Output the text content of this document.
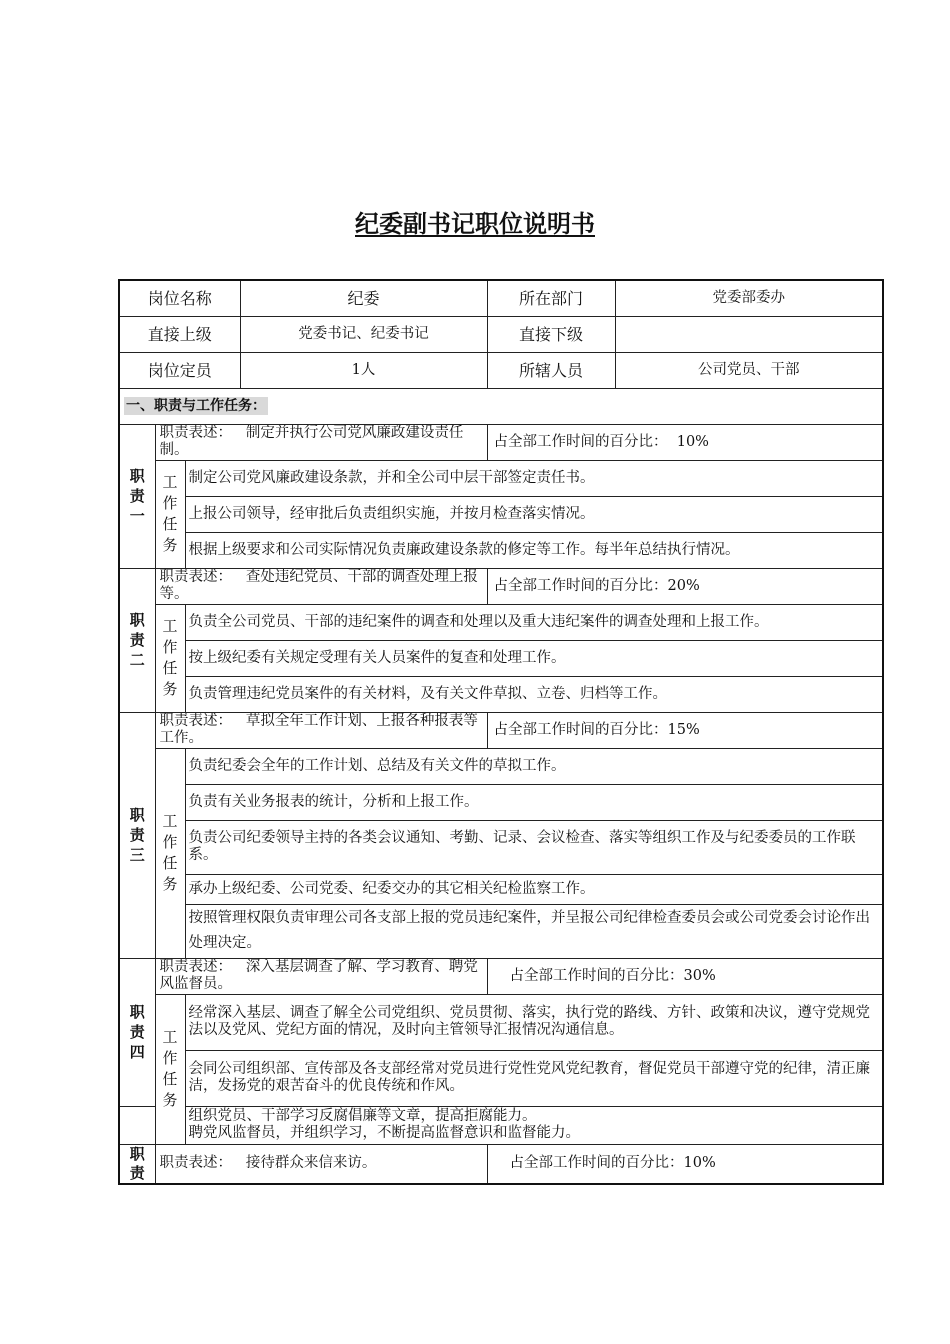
纪委副书记职位说明书
岗位名称			纪委	所在部门	党委部委办
直接上级			党委书记、纪委书记	直接下级	
岗位定员			1人	所辖人员	公司党员、干部
一、职责与工作任务：					
职
责
一	职责表述： 制定并执行公司党风廉政建设责任制。			占全部工作时间的百分比： 10%	
	工
作
任
务	制定公司党风廉政建设条款，并和全公司中层干部签定责任书。			
		上报公司领导，经审批后负责组织实施，并按月检查落实情况。			
		根据上级要求和公司实际情况负责廉政建设条款的修定等工作。每半年总结执行情况。			
职
责
二	职责表述： 查处违纪党员、干部的调查处理上报等。			占全部工作时间的百分比：20%	
	工
作
任
务	负责全公司党员、干部的违纪案件的调查和处理以及重大违纪案件的调查处理和上报工作。			
		按上级纪委有关规定受理有关人员案件的复查和处理工作。			
		负责管理违纪党员案件的有关材料，及有关文件草拟、立卷、归档等工作。			
职
责
三	职责表述： 草拟全年工作计划、上报各种报表等工作。			占全部工作时间的百分比：15%	
	工
作
任
务	负责纪委会全年的工作计划、总结及有关文件的草拟工作。			
		负责有关业务报表的统计，分析和上报工作。			
		负责公司纪委领导主持的各类会议通知、考勤、记录、会议检查、落实等组织工作及与纪委委员的工作联系。			
		承办上级纪委、公司党委、纪委交办的其它相关纪检监察工作。			
		按照管理权限负责审理公司各支部上报的党员违纪案件，并呈报公司纪律检查委员会或公司党委会讨论作出处理决定。			
职
责
四	职责表述： 深入基层调查了解、学习教育、聘党风监督员。			占全部工作时间的百分比：30%	
	工
作
任
务	经常深入基层、调查了解全公司党组织、党员贯彻、落实，执行党的路线、方针、政策和决议，遵守党规党法以及党风、党纪方面的情况，及时向主管领导汇报情况沟通信息。			
		会同公司组织部、宣传部及各支部经常对党员进行党性党风党纪教育，督促党员干部遵守党的纪律，清正廉洁，发扬党的艰苦奋斗的优良传统和作风。			

		组织党员、干部学习反腐倡廉等文章，提高拒腐能力。
聘党风监督员，并组织学习，不断提高监督意识和监督能力。			

职
责	职责表述： 接待群众来信来访。			占全部工作时间的百分比：10%	
